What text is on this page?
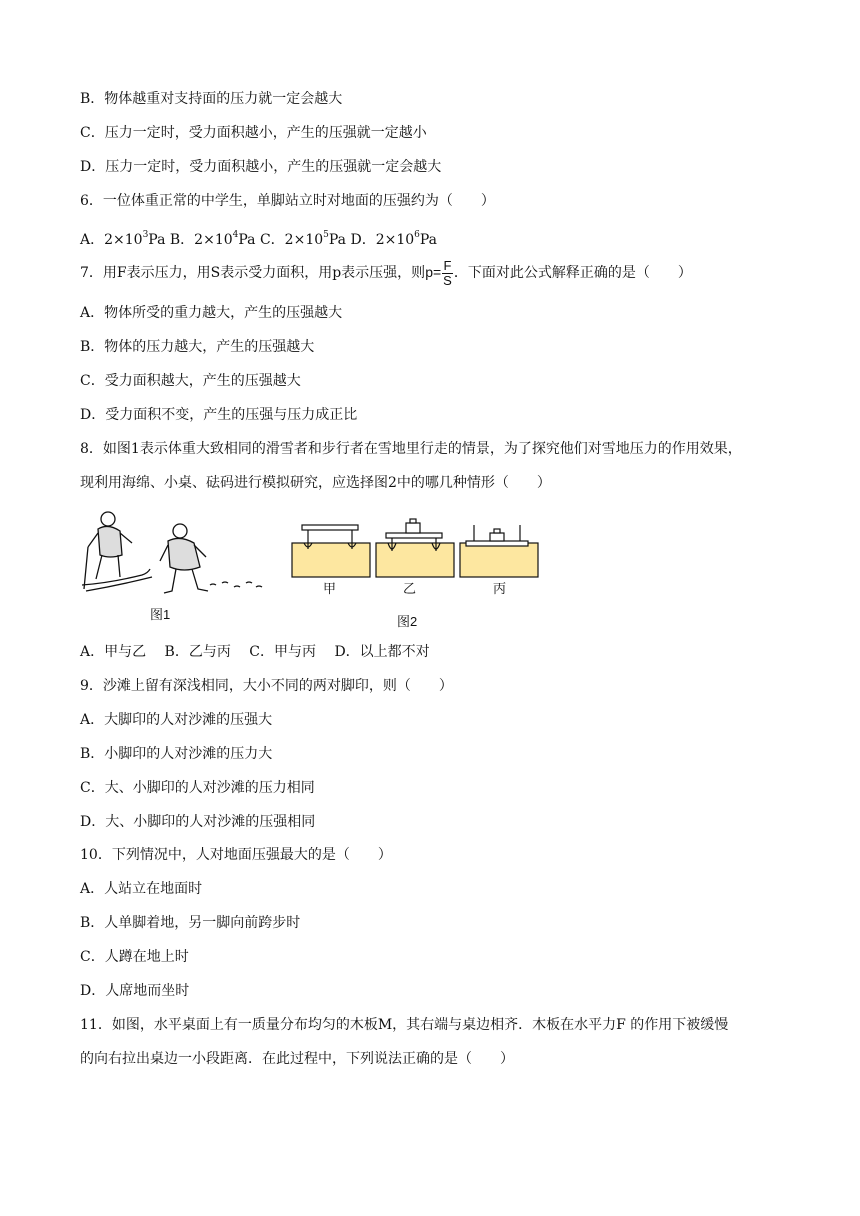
B．物体越重对支持面的压力就一定会越大
C．压力一定时，受力面积越小，产生的压强就一定越小
D．压力一定时，受力面积越小，产生的压强就一定会越大
6．一位体重正常的中学生，单脚站立时对地面的压强约为（　　）
A．$2\times 10^3Pa$ B．$2\times 10^4Pa$ C．$2\times 10^5Pa$ D．$2\times 10^6Pa$
7．用F表示压力，用S表示受力面积，用p表示压强，则$p= \frac{F}{S}$ ．下面对此公式解释正确的是（　　）
A．物体所受的重力越大，产生的压强越大
B．物体的压力越大，产生的压强越大
C．受力面积越大，产生的压强越大
D．受力面积不变，产生的压强与压力成正比
8．如图1表示体重大致相同的滑雪者和步行者在雪地里行走的情景，为了探究他们对雪地压力的作用效果，
现利用海绵、小桌、砝码进行模拟研究，应选择图2中的哪几种情形（　　）
图1
甲	乙	丙
图2
A．甲与乙　 B．乙与丙　 C．甲与丙　 D．以上都不对
9．沙滩上留有深浅相同，大小不同的两对脚印，则（　　）
A．大脚印的人对沙滩的压强大
B．小脚印的人对沙滩的压力大
C．大、小脚印的人对沙滩的压力相同
D．大、小脚印的人对沙滩的压强相同
10．下列情况中，人对地面压强最大的是（　　）
A．人站立在地面时
B．人单脚着地，另一脚向前跨步时
C．人蹲在地上时
D．人席地而坐时
11．如图，水平桌面上有一质量分布均匀的木板M，其右端与桌边相齐．木板在水平力F 的作用下被缓慢
的向右拉出桌边一小段距离．在此过程中，下列说法正确的是（　　）
